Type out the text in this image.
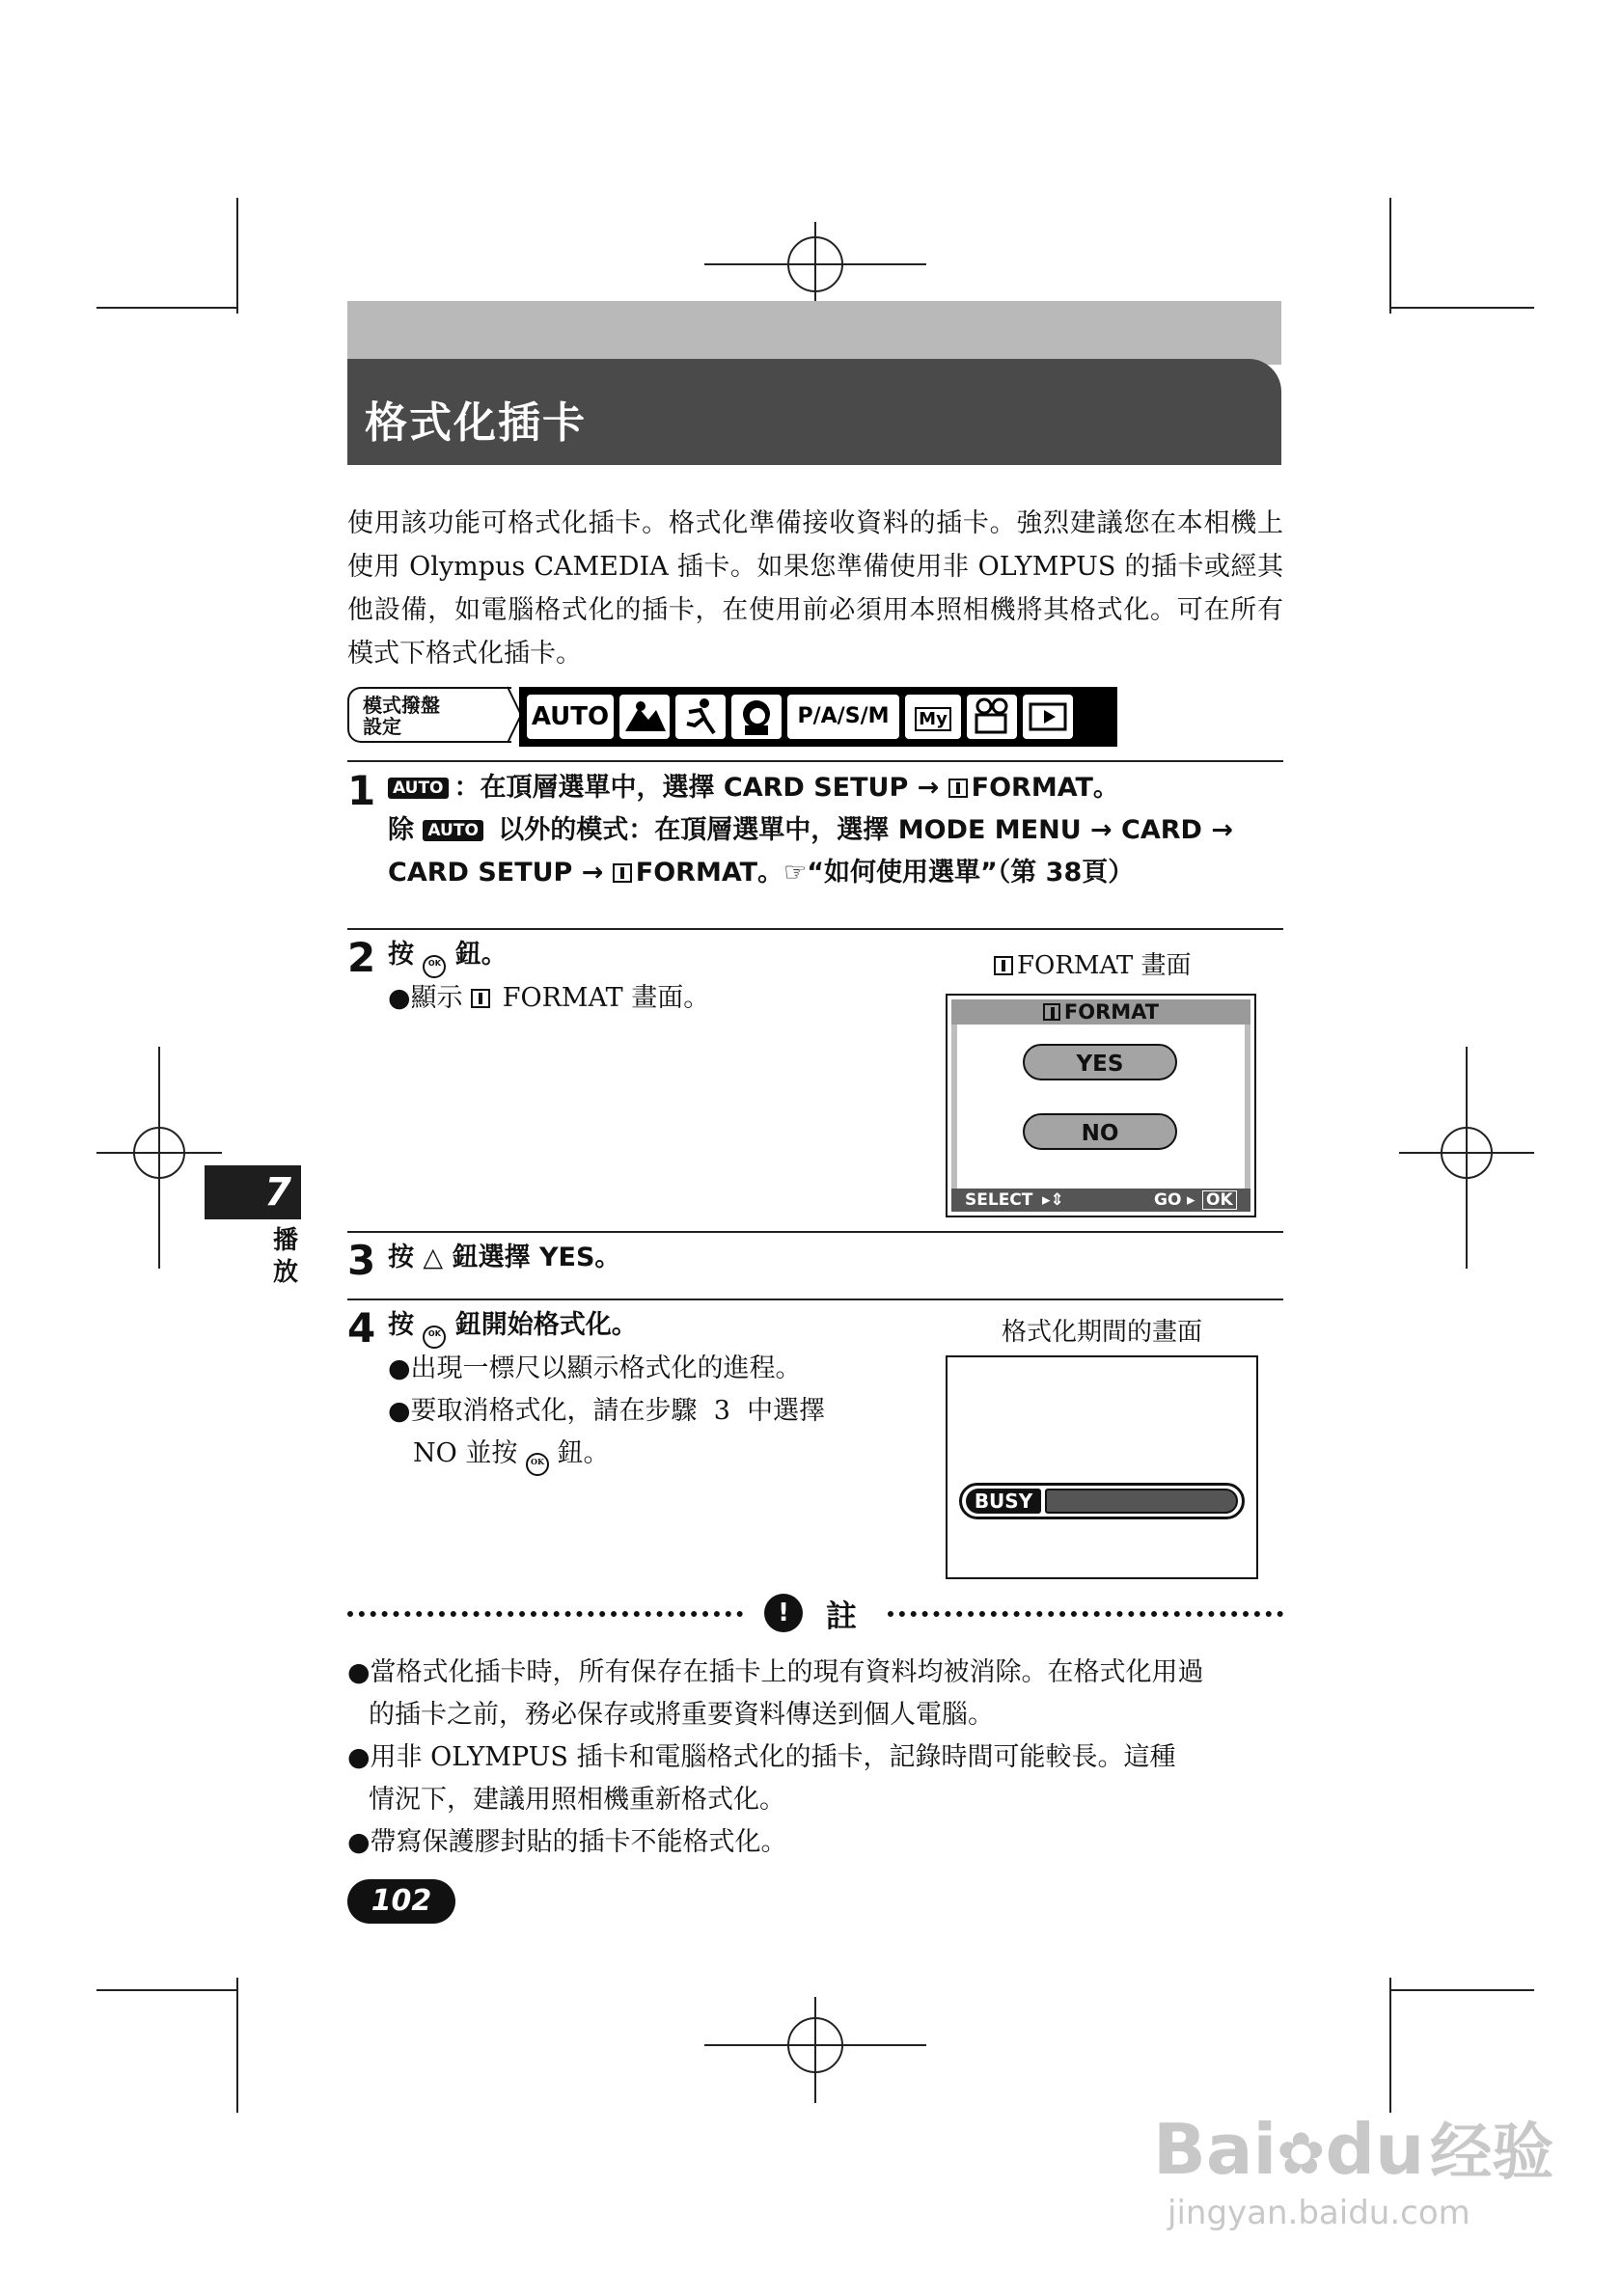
格式化插卡
使用該功能可格式化插卡。格式化準備接收資料的插卡。強烈建議您在本相機上使用 Olympus CAMEDIA 插卡。如果您準備使用非 OLYMPUS 的插卡或經其他設備，如電腦格式化的插卡，在使用前必須用本照相機將其格式化。可在所有模式下格式化插卡。
模式撥盤
設定	AUTO	P/A/S/M	My
1 AUTO ：在頂層選單中，選擇 CARD SETUP → FORMAT。
除 AUTO 以外的模式：在頂層選單中，選擇 MODE MENU → CARD →
CARD SETUP → FORMAT。☞“如何使用選單”（第 38頁）
2 按 OK 鈕。
●顯示  FORMAT 畫面。
FORMAT 畫面
FORMAT
YES
NO
SELECT ▸⇕	GO ▸ OK
3 按 △ 鈕選擇 YES。
4 按 OK 鈕開始格式化。
●出現一標尺以顯示格式化的進程。
●要取消格式化，請在步驟  3  中選擇
NO 並按 OK 鈕。
格式化期間的畫面
BUSY
!	註
●當格式化插卡時，所有保存在插卡上的現有資料均被消除。在格式化用過
的插卡之前，務必保存或將重要資料傳送到個人電腦。
●用非 OLYMPUS 插卡和電腦格式化的插卡，記錄時間可能較長。這種
情況下，建議用照相機重新格式化。
●帶寫保護膠封貼的插卡不能格式化。
7
播
放
102
Bai✿du经验
jingyan.baidu.com
